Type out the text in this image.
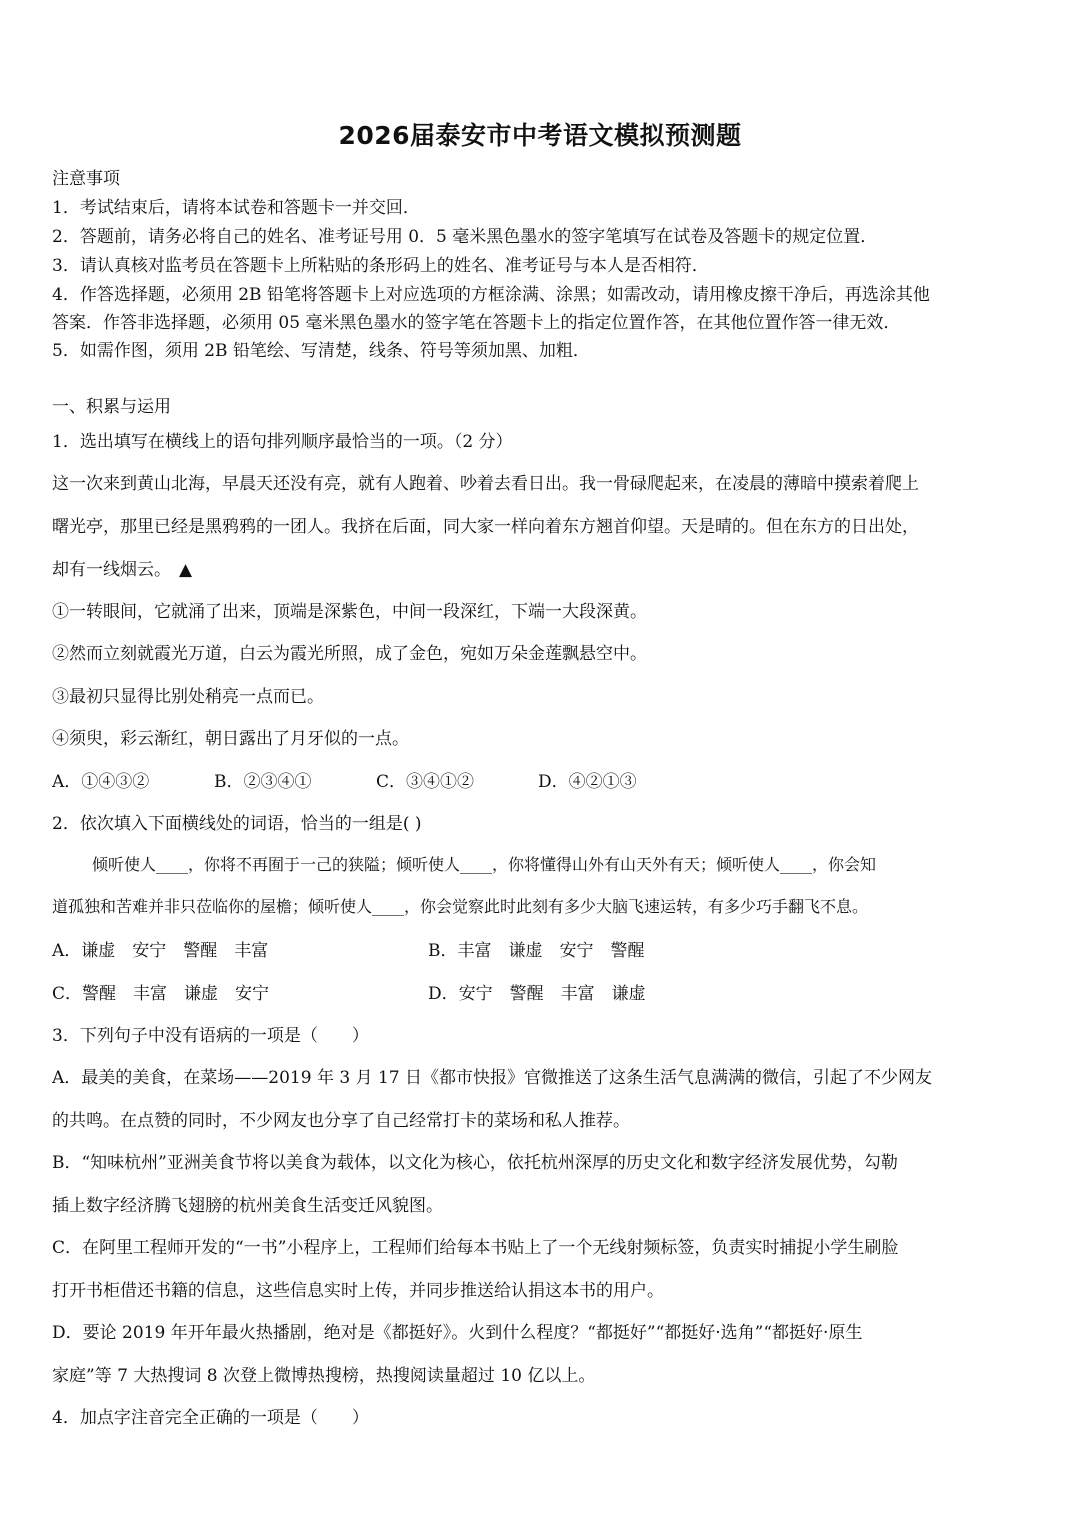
2026届泰安市中考语文模拟预测题
注意事项
1．考试结束后，请将本试卷和答题卡一并交回．
2．答题前，请务必将自己的姓名、准考证号用 0．5 毫米黑色墨水的签字笔填写在试卷及答题卡的规定位置．
3．请认真核对监考员在答题卡上所粘贴的条形码上的姓名、准考证号与本人是否相符．
4．作答选择题，必须用 2B 铅笔将答题卡上对应选项的方框涂满、涂黑；如需改动，请用橡皮擦干净后，再选涂其他
答案．作答非选择题，必须用 05 毫米黑色墨水的签字笔在答题卡上的指定位置作答，在其他位置作答一律无效．
5．如需作图，须用 2B 铅笔绘、写清楚，线条、符号等须加黑、加粗．
一、积累与运用
1．选出填写在横线上的语句排列顺序最恰当的一项。（2 分）
这一次来到黄山北海，早晨天还没有亮，就有人跑着、吵着去看日出。我一骨碌爬起来，在凌晨的薄暗中摸索着爬上
曙光亭，那里已经是黑鸦鸦的一团人。我挤在后面，同大家一样向着东方翘首仰望。天是晴的。但在东方的日出处，
却有一线烟云。 ▲
①一转眼间，它就涌了出来，顶端是深紫色，中间一段深红，下端一大段深黄。
②然而立刻就霞光万道，白云为霞光所照，成了金色，宛如万朵金莲飘悬空中。
③最初只显得比别处稍亮一点而已。
④须臾，彩云渐红，朝日露出了月牙似的一点。
A．①④③②	B．②③④①	C．③④①②	D．④②①③
2．依次填入下面横线处的词语，恰当的一组是( )
倾听使人____，你将不再囿于一己的狭隘；倾听使人____，你将懂得山外有山天外有天；倾听使人____，你会知
道孤独和苦难并非只莅临你的屋檐；倾听使人____，你会觉察此时此刻有多少大脑飞速运转，有多少巧手翻飞不息。
A．谦虚　安宁　警醒　丰富	B．丰富　谦虚　安宁　警醒
C．警醒　丰富　谦虚　安宁	D．安宁　警醒　丰富　谦虚
3．下列句子中没有语病的一项是（　　）
A．最美的美食，在菜场——2019 年 3 月 17 日《都市快报》官微推送了这条生活气息满满的微信，引起了不少网友
的共鸣。在点赞的同时，不少网友也分享了自己经常打卡的菜场和私人推荐。
B．“知味杭州”亚洲美食节将以美食为载体，以文化为核心，依托杭州深厚的历史文化和数字经济发展优势，勾勒
插上数字经济腾飞翅膀的杭州美食生活变迁风貌图。
C．在阿里工程师开发的“一书”小程序上，工程师们给每本书贴上了一个无线射频标签，负责实时捕捉小学生刷脸
打开书柜借还书籍的信息，这些信息实时上传，并同步推送给认捐这本书的用户。
D．要论 2019 年开年最火热播剧，绝对是《都挺好》。火到什么程度？“都挺好”“都挺好·选角”“都挺好·原生
家庭”等 7 大热搜词 8 次登上微博热搜榜，热搜阅读量超过 10 亿以上。
4．加点字注音完全正确的一项是（　　）
